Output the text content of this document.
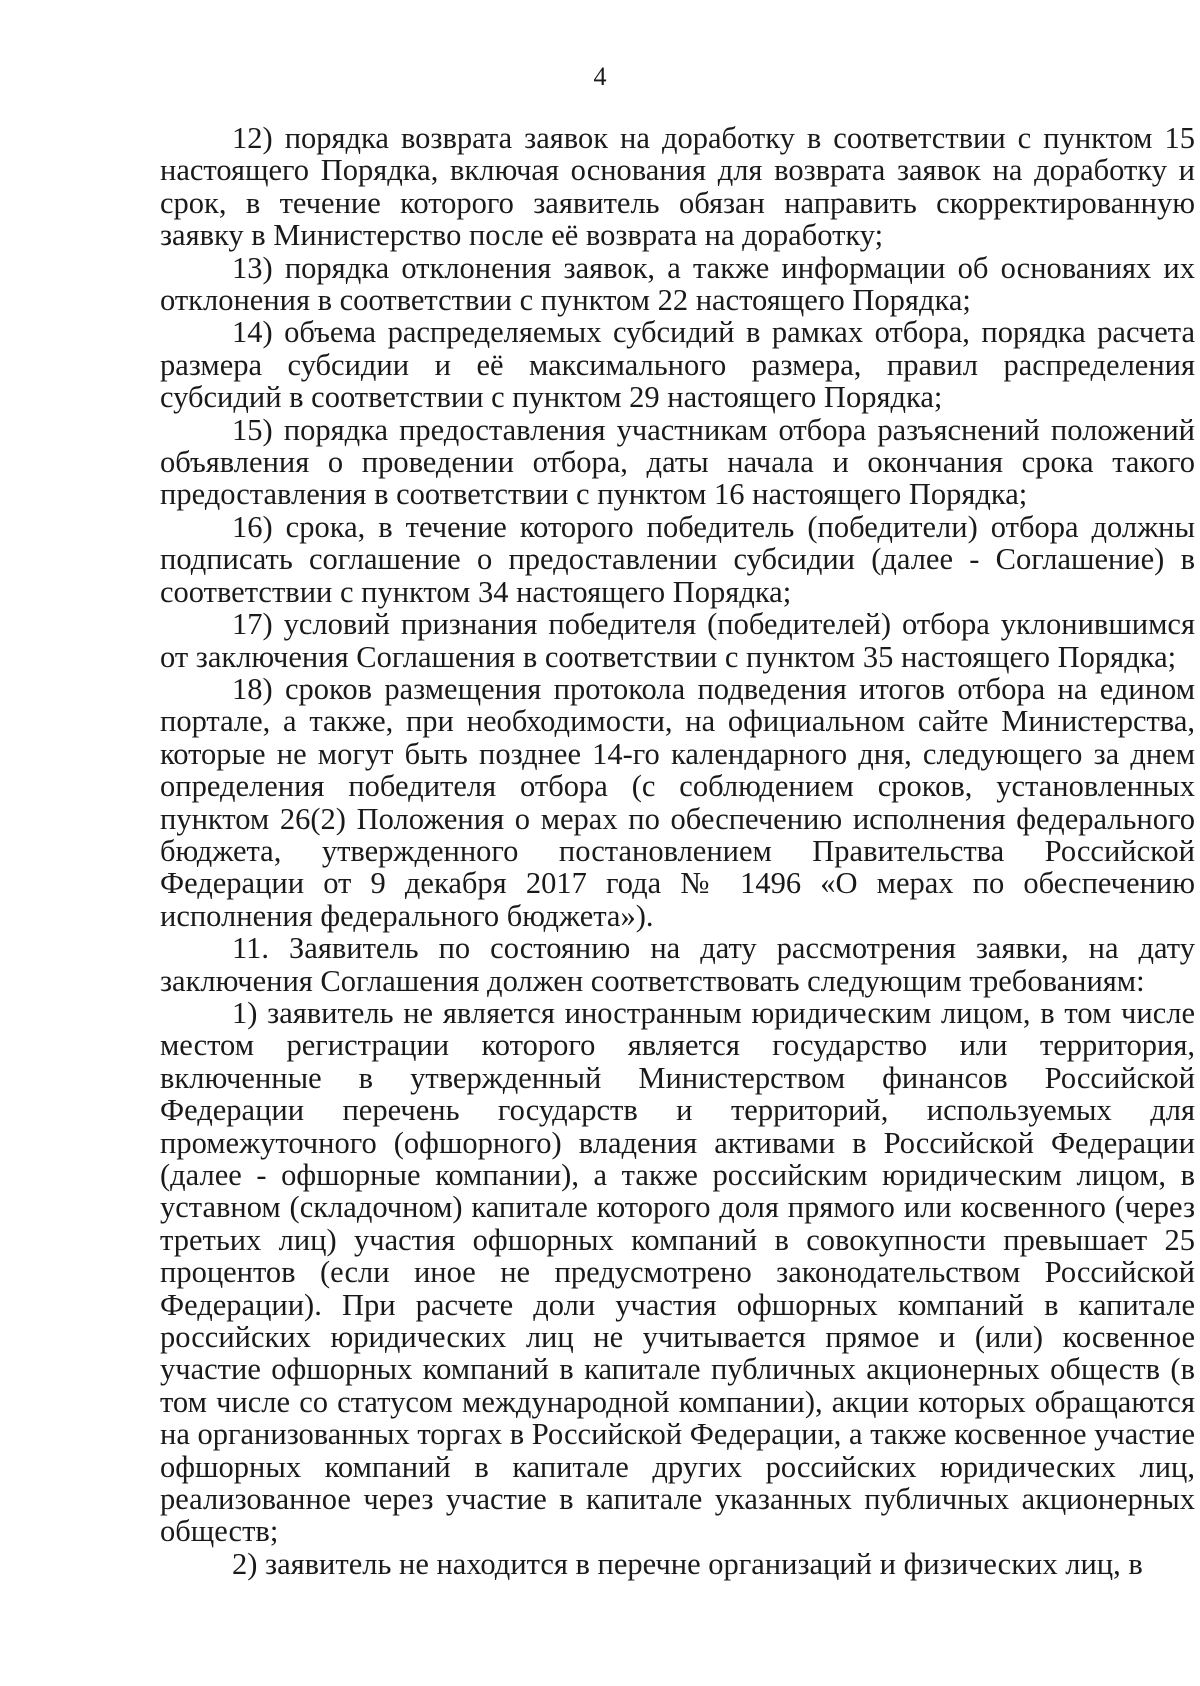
4

12) порядка возврата заявок на доработку в соответствии с пунктом 15 настоящего Порядка, включая основания для возврата заявок на доработку и срок, в течение которого заявитель обязан направить скорректированную заявку в Министерство после её возврата на доработку;

13) порядка отклонения заявок, а также информации об основаниях их отклонения в соответствии с пунктом 22 настоящего Порядка;

14) объема распределяемых субсидий в рамках отбора, порядка расчета размера субсидии и её максимального размера, правил распределения субсидий в соответствии с пунктом 29 настоящего Порядка;

15) порядка предоставления участникам отбора разъяснений положений объявления о проведении отбора, даты начала и окончания срока такого предоставления в соответствии с пунктом 16 настоящего Порядка;

16) срока, в течение которого победитель (победители) отбора должны подписать соглашение о предоставлении субсидии (далее - Соглашение) в соответствии с пунктом 34 настоящего Порядка;

17) условий признания победителя (победителей) отбора уклонившимся от заключения Соглашения в соответствии с пунктом 35 настоящего Порядка;

18) сроков размещения протокола подведения итогов отбора на едином портале, а также, при необходимости, на официальном сайте Министерства, которые не могут быть позднее 14-го календарного дня, следующего за днем определения победителя отбора (с соблюдением сроков, установленных пунктом 26(2) Положения о мерах по обеспечению исполнения федерального бюджета, утвержденного постановлением Правительства Российской Федерации от 9 декабря 2017 года № 1496 «О мерах по обеспечению исполнения федерального бюджета»).

11. Заявитель по состоянию на дату рассмотрения заявки, на дату заключения Соглашения должен соответствовать следующим требованиям:

1) заявитель не является иностранным юридическим лицом, в том числе местом регистрации которого является государство или территория, включенные в утвержденный Министерством финансов Российской Федерации перечень государств и территорий, используемых для промежуточного (офшорного) владения активами в Российской Федерации (далее - офшорные компании), а также российским юридическим лицом, в уставном (складочном) капитале которого доля прямого или косвенного (через третьих лиц) участия офшорных компаний в совокупности превышает 25 процентов (если иное не предусмотрено законодательством Российской Федерации). При расчете доли участия офшорных компаний в капитале российских юридических лиц не учитывается прямое и (или) косвенное участие офшорных компаний в капитале публичных акционерных обществ (в том числе со статусом международной компании), акции которых обращаются на организованных торгах в Российской Федерации, а также косвенное участие офшорных компаний в капитале других российских юридических лиц, реализованное через участие в капитале указанных публичных акционерных обществ;

2) заявитель не находится в перечне организаций и физических лиц, в
